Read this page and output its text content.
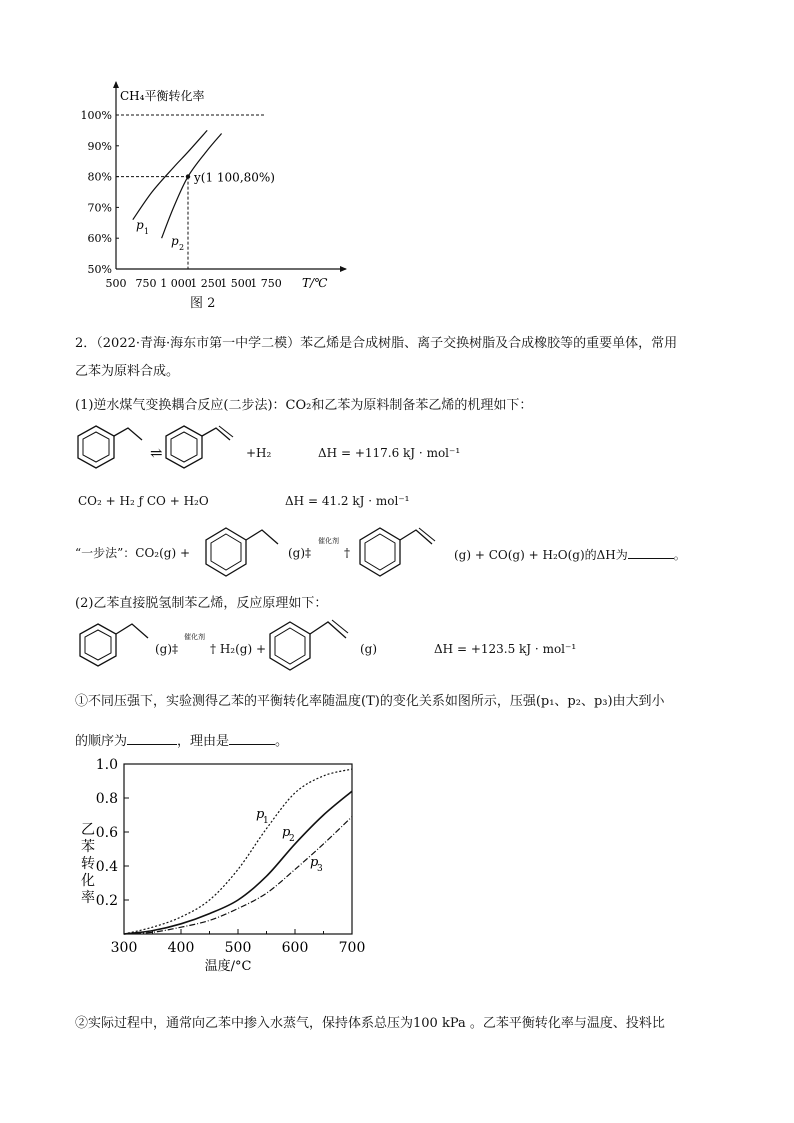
CH₄平衡转化率
100%
90%
80%
70%
60%
50%
500 750 1 000
1 250
1 500
1 750 T/℃
y(1 100,80%)
p 1
p 2
图 2
2．（2022·青海·海东市第一中学二模）苯乙烯是合成树脂、离子交换树脂及合成橡胶等的重要单体，常用
乙苯为原料合成。
(1)逆水煤气变换耦合反应(二步法)：CO₂和乙苯为原料制备苯乙烯的机理如下：
⇌	+H₂	ΔH = +117.6 kJ · mol⁻¹
CO₂ + H₂ ƒ CO + H₂O	ΔH = 41.2 kJ · mol⁻¹
“一步法”：CO₂(g) +	(g)‡
催化剂
†	(g) + CO(g) + H₂O(g)的ΔH为	。
(2)乙苯直接脱氢制苯乙烯，反应原理如下：
(g)‡
催化剂
† H₂(g) +	(g)	ΔH = +123.5 kJ · mol⁻¹
①不同压强下，实验测得乙苯的平衡转化率随温度(T)的变化关系如图所示，压强(p₁、p₂、p₃)由大到小
的顺序为	，理由是	。
1.0
0.8
0.6
0.4
0.2
300 400 500 600 700
温度/°C
乙
苯
转
化
率
p
1
p
2
p
3
②实际过程中，通常向乙苯中掺入水蒸气，保持体系总压为100 kPa 。乙苯平衡转化率与温度、投料比
